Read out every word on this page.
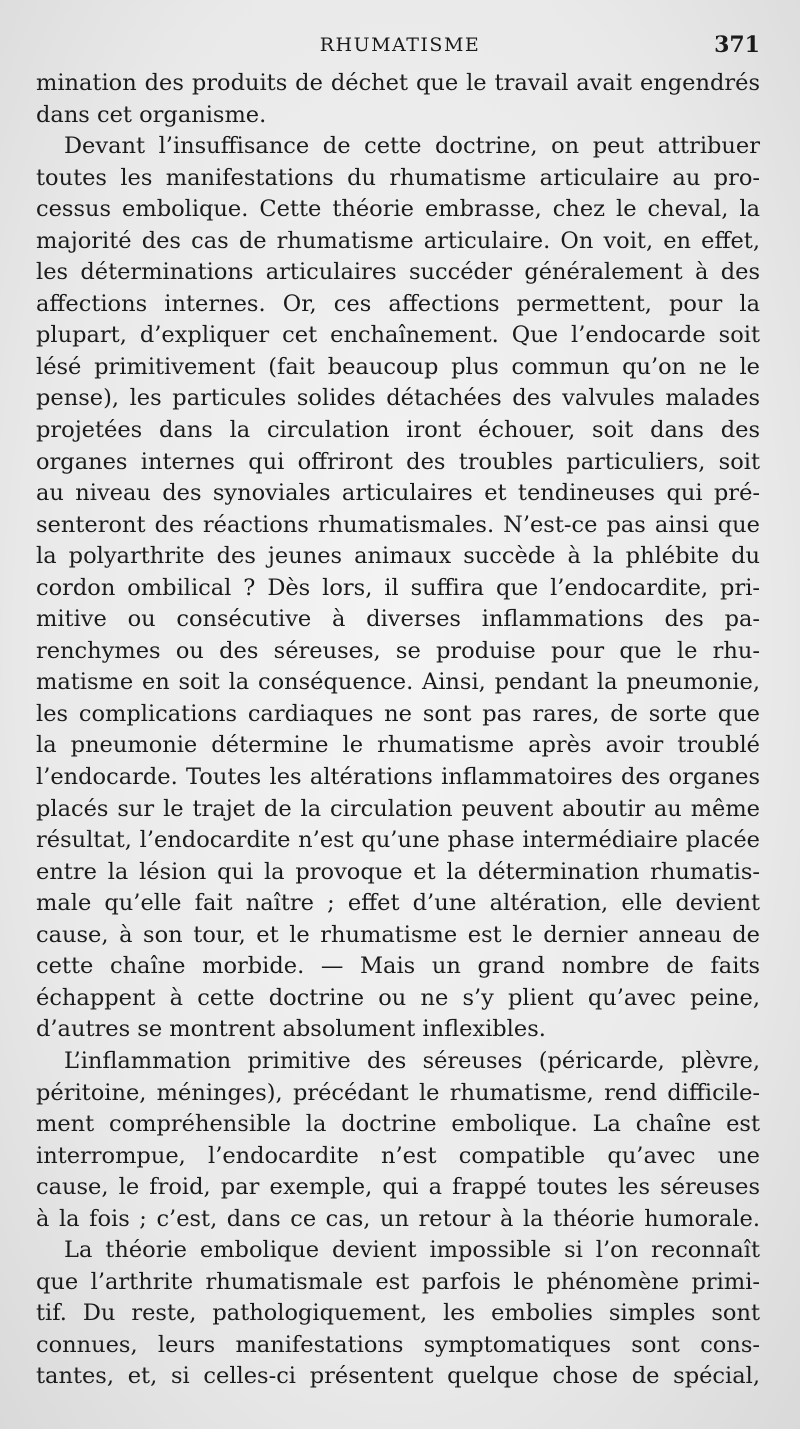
RHUMATISME	371
mination des produits de déchet que le travail avait engendrés
dans cet organisme.
Devant l’insuffisance de cette doctrine, on peut attribuer
toutes les manifestations du rhumatisme articulaire au pro-
cessus embolique. Cette théorie embrasse, chez le cheval, la
majorité des cas de rhumatisme articulaire. On voit, en effet,
les déterminations articulaires succéder généralement à des
affections internes. Or, ces affections permettent, pour la
plupart, d’expliquer cet enchaînement. Que l’endocarde soit
lésé primitivement (fait beaucoup plus commun qu’on ne le
pense), les particules solides détachées des valvules malades
projetées dans la circulation iront échouer, soit dans des
organes internes qui offriront des troubles particuliers, soit
au niveau des synoviales articulaires et tendineuses qui pré-
senteront des réactions rhumatismales. N’est-ce pas ainsi que
la polyarthrite des jeunes animaux succède à la phlébite du
cordon ombilical ? Dès lors, il suffira que l’endocardite, pri-
mitive ou consécutive à diverses inflammations des pa-
renchymes ou des séreuses, se produise pour que le rhu-
matisme en soit la conséquence. Ainsi, pendant la pneumonie,
les complications cardiaques ne sont pas rares, de sorte que
la pneumonie détermine le rhumatisme après avoir troublé
l’endocarde. Toutes les altérations inflammatoires des organes
placés sur le trajet de la circulation peuvent aboutir au même
résultat, l’endocardite n’est qu’une phase intermédiaire placée
entre la lésion qui la provoque et la détermination rhumatis-
male qu’elle fait naître ; effet d’une altération, elle devient
cause, à son tour, et le rhumatisme est le dernier anneau de
cette chaîne morbide. — Mais un grand nombre de faits
échappent à cette doctrine ou ne s’y plient qu’avec peine,
d’autres se montrent absolument inflexibles.
L’inflammation primitive des séreuses (péricarde, plèvre,
péritoine, méninges), précédant le rhumatisme, rend difficile-
ment compréhensible la doctrine embolique. La chaîne est
interrompue, l’endocardite n’est compatible qu’avec une
cause, le froid, par exemple, qui a frappé toutes les séreuses
à la fois ; c’est, dans ce cas, un retour à la théorie humorale.
La théorie embolique devient impossible si l’on reconnaît
que l’arthrite rhumatismale est parfois le phénomène primi-
tif. Du reste, pathologiquement, les embolies simples sont
connues, leurs manifestations symptomatiques sont cons-
tantes, et, si celles-ci présentent quelque chose de spécial,
